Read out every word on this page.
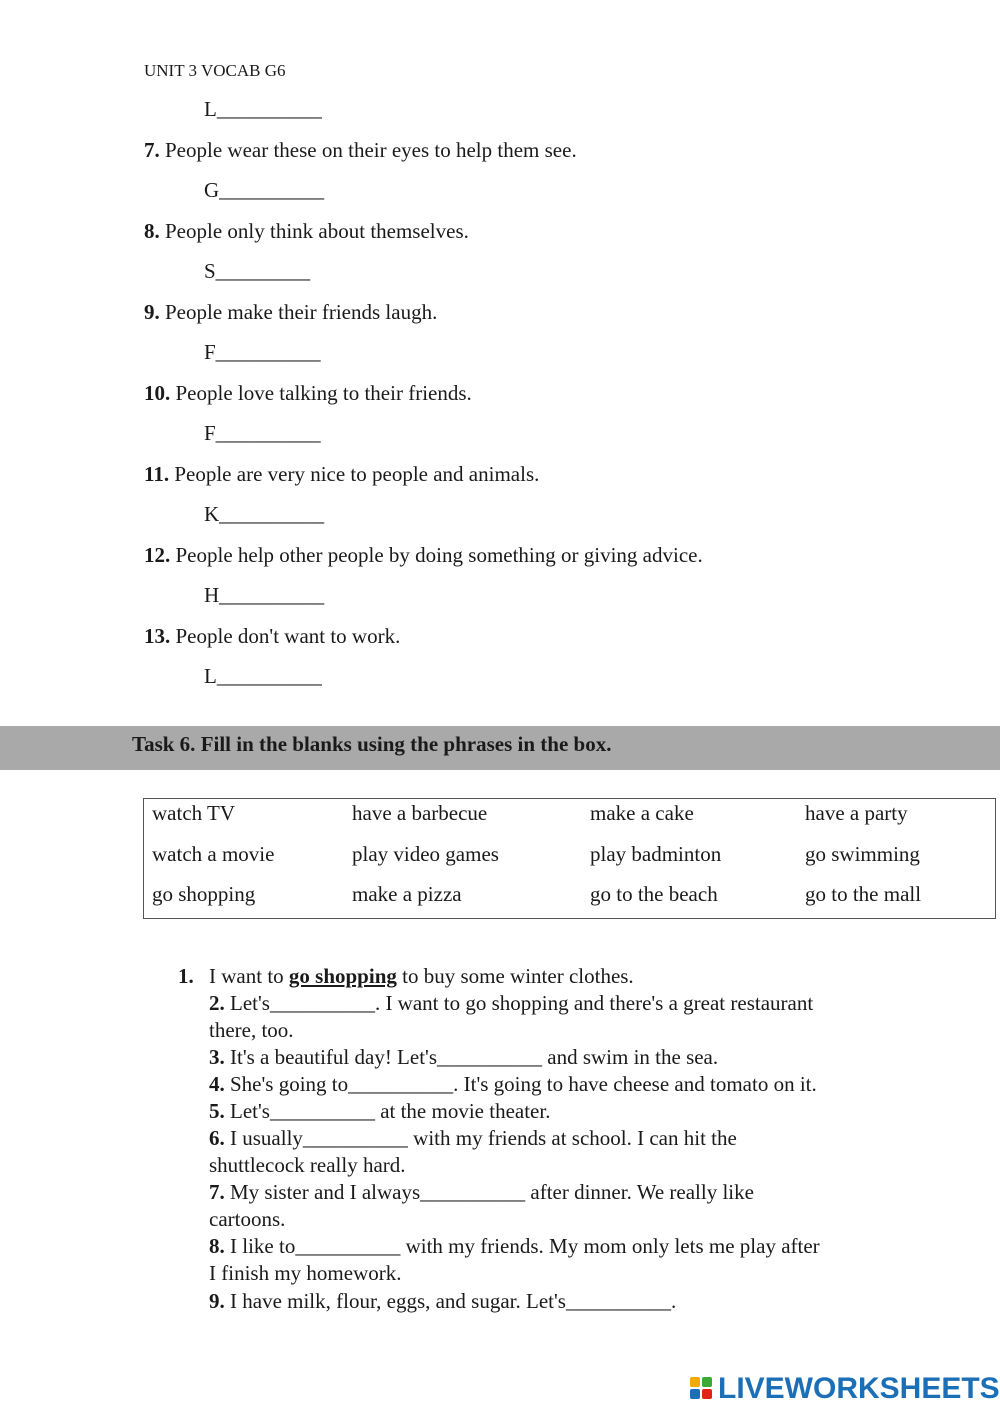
UNIT 3 VOCAB G6
L__________
7. People wear these on their eyes to help them see.
G__________
8. People only think about themselves.
S_________
9. People make their friends laugh.
F__________
10. People love talking to their friends.
F__________
11. People are very nice to people and animals.
K__________
12. People help other people by doing something or giving advice.
H__________
13. People don't want to work.
L__________
Task 6. Fill in the blanks using the phrases in the box.
watch TV	have a barbecue	make a cake	have a party
watch a movie	play video games	play badminton	go swimming
go shopping	make a pizza	go to the beach	go to the mall
1. I want to go shopping to buy some winter clothes.
2. Let's__________. I want to go shopping and there's a great restaurant
there, too.
3. It's a beautiful day! Let's__________ and swim in the sea.
4. She's going to__________. It's going to have cheese and tomato on it.
5. Let's__________ at the movie theater.
6. I usually__________ with my friends at school. I can hit the
shuttlecock really hard.
7. My sister and I always__________ after dinner. We really like
cartoons.
8. I like to__________ with my friends. My mom only lets me play after
I finish my homework.
9. I have milk, flour, eggs, and sugar. Let's__________.
LIVEWORKSHEETS
